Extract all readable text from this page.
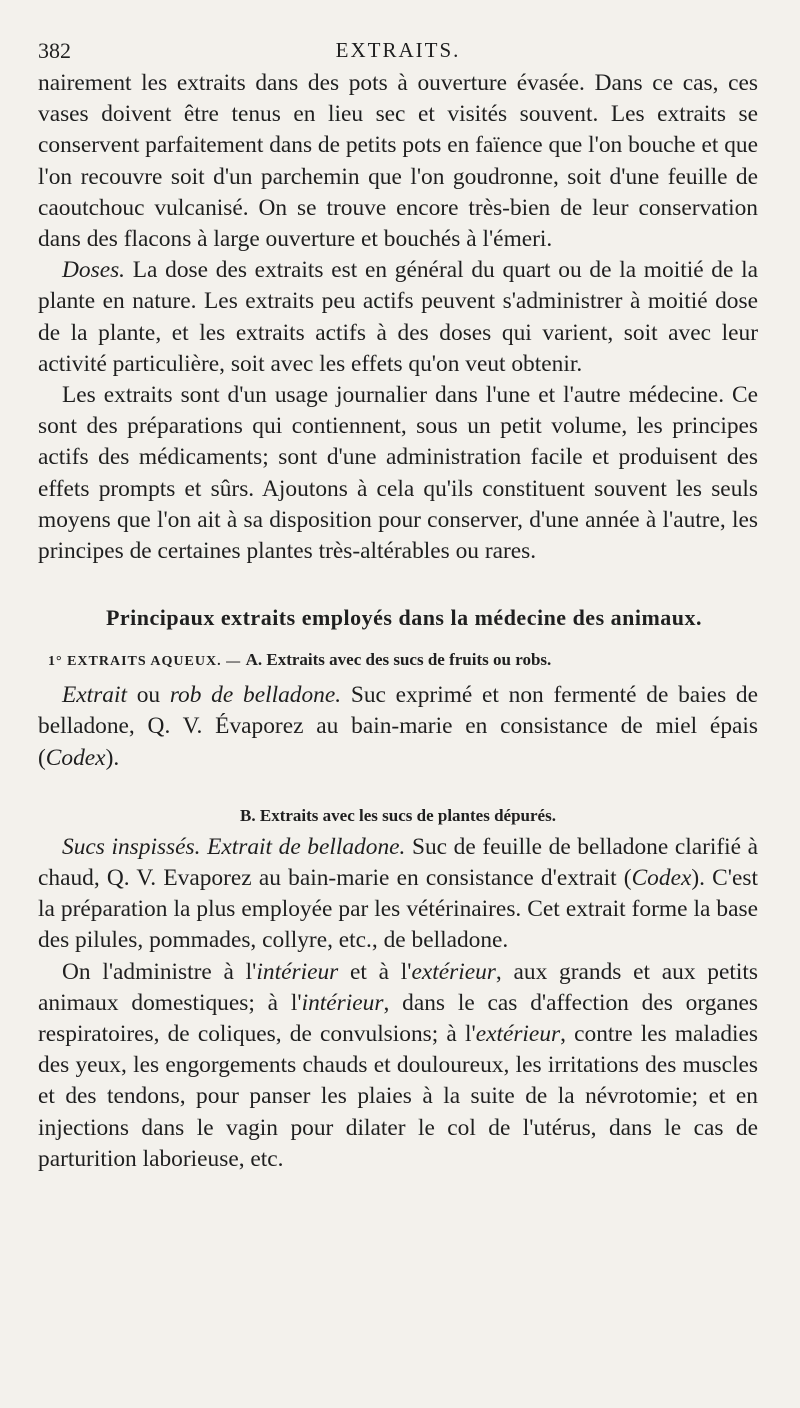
382	EXTRAITS.

nairement les extraits dans des pots à ouverture évasée. Dans ce cas, ces vases doivent être tenus en lieu sec et visités souvent. Les extraits se conservent parfaitement dans de petits pots en faïence que l'on bouche et que l'on recouvre soit d'un parchemin que l'on goudronne, soit d'une feuille de caoutchouc vulcanisé. On se trouve encore très-bien de leur conservation dans des flacons à large ouverture et bouchés à l'émeri.

Doses. La dose des extraits est en général du quart ou de la moitié de la plante en nature. Les extraits peu actifs peuvent s'administrer à moitié dose de la plante, et les extraits actifs à des doses qui varient, soit avec leur activité particulière, soit avec les effets qu'on veut obtenir.

Les extraits sont d'un usage journalier dans l'une et l'autre médecine. Ce sont des préparations qui contiennent, sous un petit volume, les principes actifs des médicaments; sont d'une administration facile et produisent des effets prompts et sûrs. Ajoutons à cela qu'ils constituent souvent les seuls moyens que l'on ait à sa disposition pour conserver, d'une année à l'autre, les principes de certaines plantes très-altérables ou rares.

Principaux extraits employés dans la médecine des animaux.
1° EXTRAITS AQUEUX. — A. Extraits avec des sucs de fruits ou robs.

Extrait ou rob de belladone. Suc exprimé et non fermenté de baies de belladone, Q. V. Évaporez au bain-marie en consistance de miel épais (Codex).

B. Extraits avec les sucs de plantes dépurés.

Sucs inspissés. Extrait de belladone. Suc de feuille de belladone clarifié à chaud, Q. V. Evaporez au bain-marie en consistance d'extrait (Codex). C'est la préparation la plus employée par les vétérinaires. Cet extrait forme la base des pilules, pommades, collyre, etc., de belladone.

On l'administre à l'intérieur et à l'extérieur, aux grands et aux petits animaux domestiques; à l'intérieur, dans le cas d'affection des organes respiratoires, de coliques, de convulsions; à l'extérieur, contre les maladies des yeux, les engorgements chauds et douloureux, les irritations des muscles et des tendons, pour panser les plaies à la suite de la névrotomie; et en injections dans le vagin pour dilater le col de l'utérus, dans le cas de parturition laborieuse, etc.
